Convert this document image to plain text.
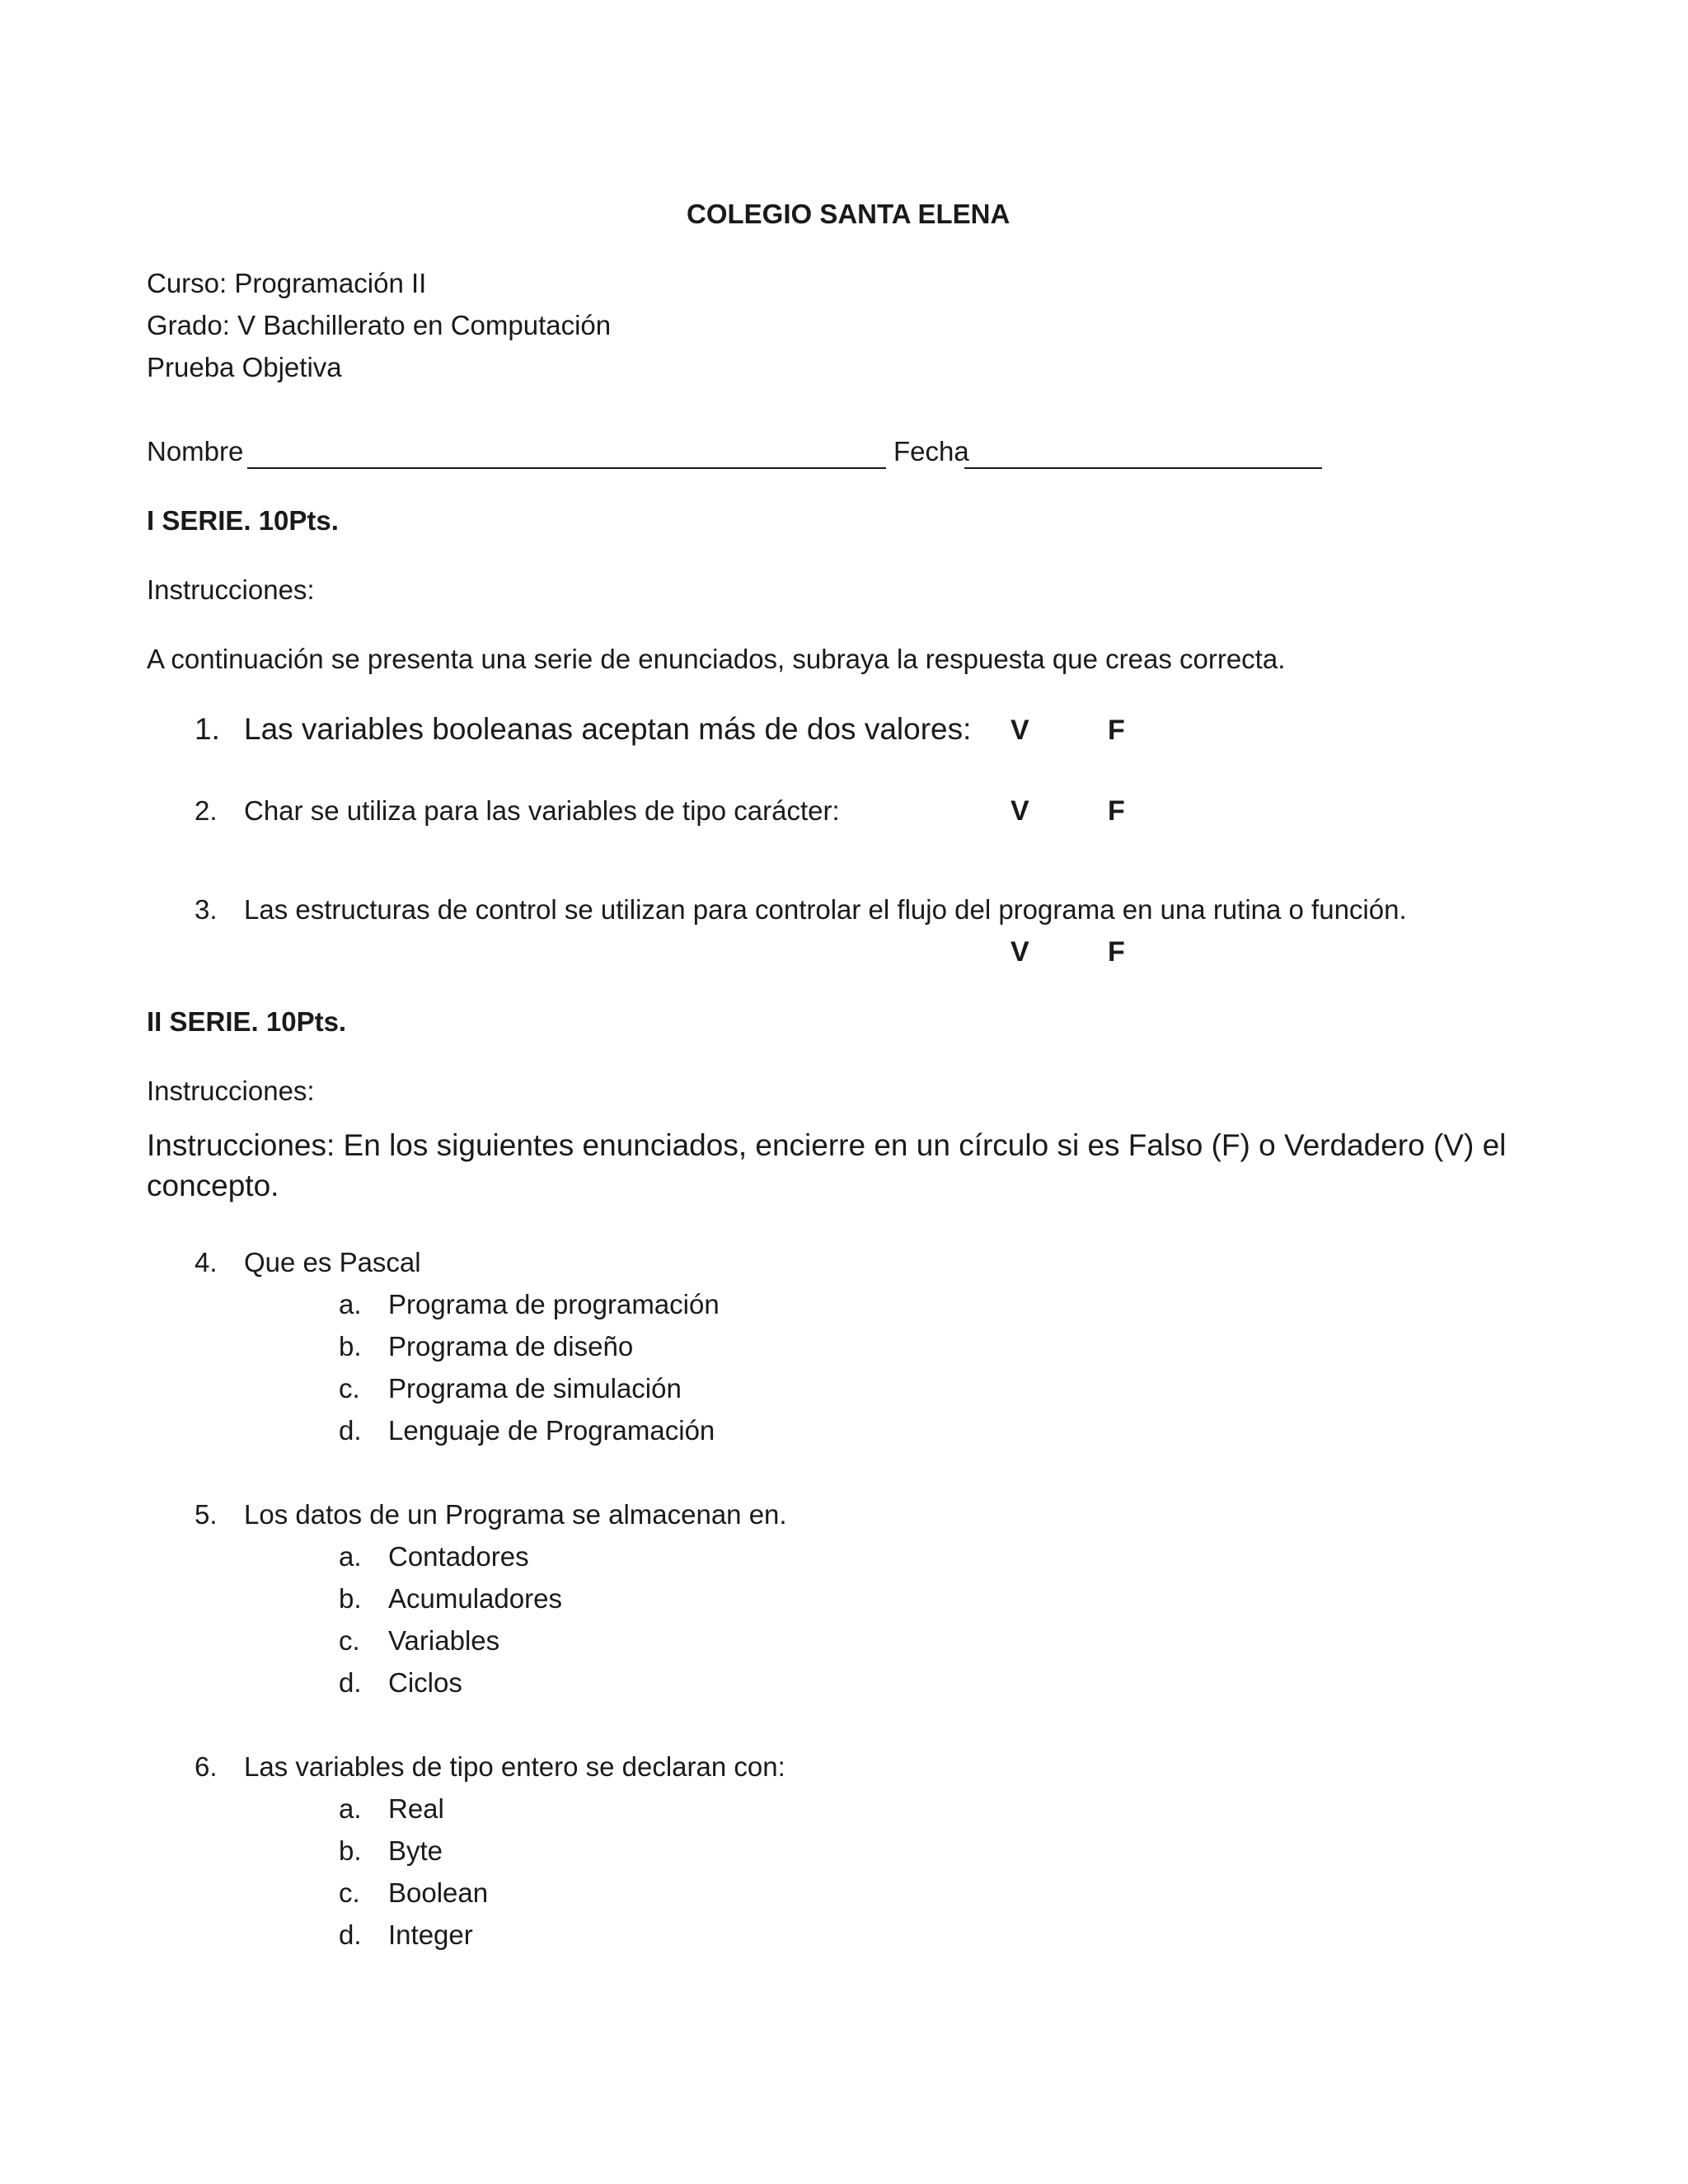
COLEGIO SANTA ELENA
Curso: Programación II
Grado: V Bachillerato en Computación
Prueba Objetiva
Nombre	Fecha
I SERIE. 10Pts.
Instrucciones:
A continuación se presenta una serie de enunciados, subraya la respuesta que creas correcta.
1. Las variables booleanas aceptan más de dos valores: V	F
2. Char se utiliza para las variables de tipo carácter:	V	F
3. Las estructuras de control se utilizan para controlar el flujo del programa en una rutina o función.
V	F
II SERIE. 10Pts.
Instrucciones:
Instrucciones: En los siguientes enunciados, encierre en un círculo si es Falso (F) o Verdadero (V) el
concepto.
4. Que es Pascal
a. Programa de programación
b. Programa de diseño
c. Programa de simulación
d. Lenguaje de Programación
5. Los datos de un Programa se almacenan en.
a. Contadores
b. Acumuladores
c. Variables
d. Ciclos
6. Las variables de tipo entero se declaran con:
a. Real
b. Byte
c. Boolean
d. Integer
